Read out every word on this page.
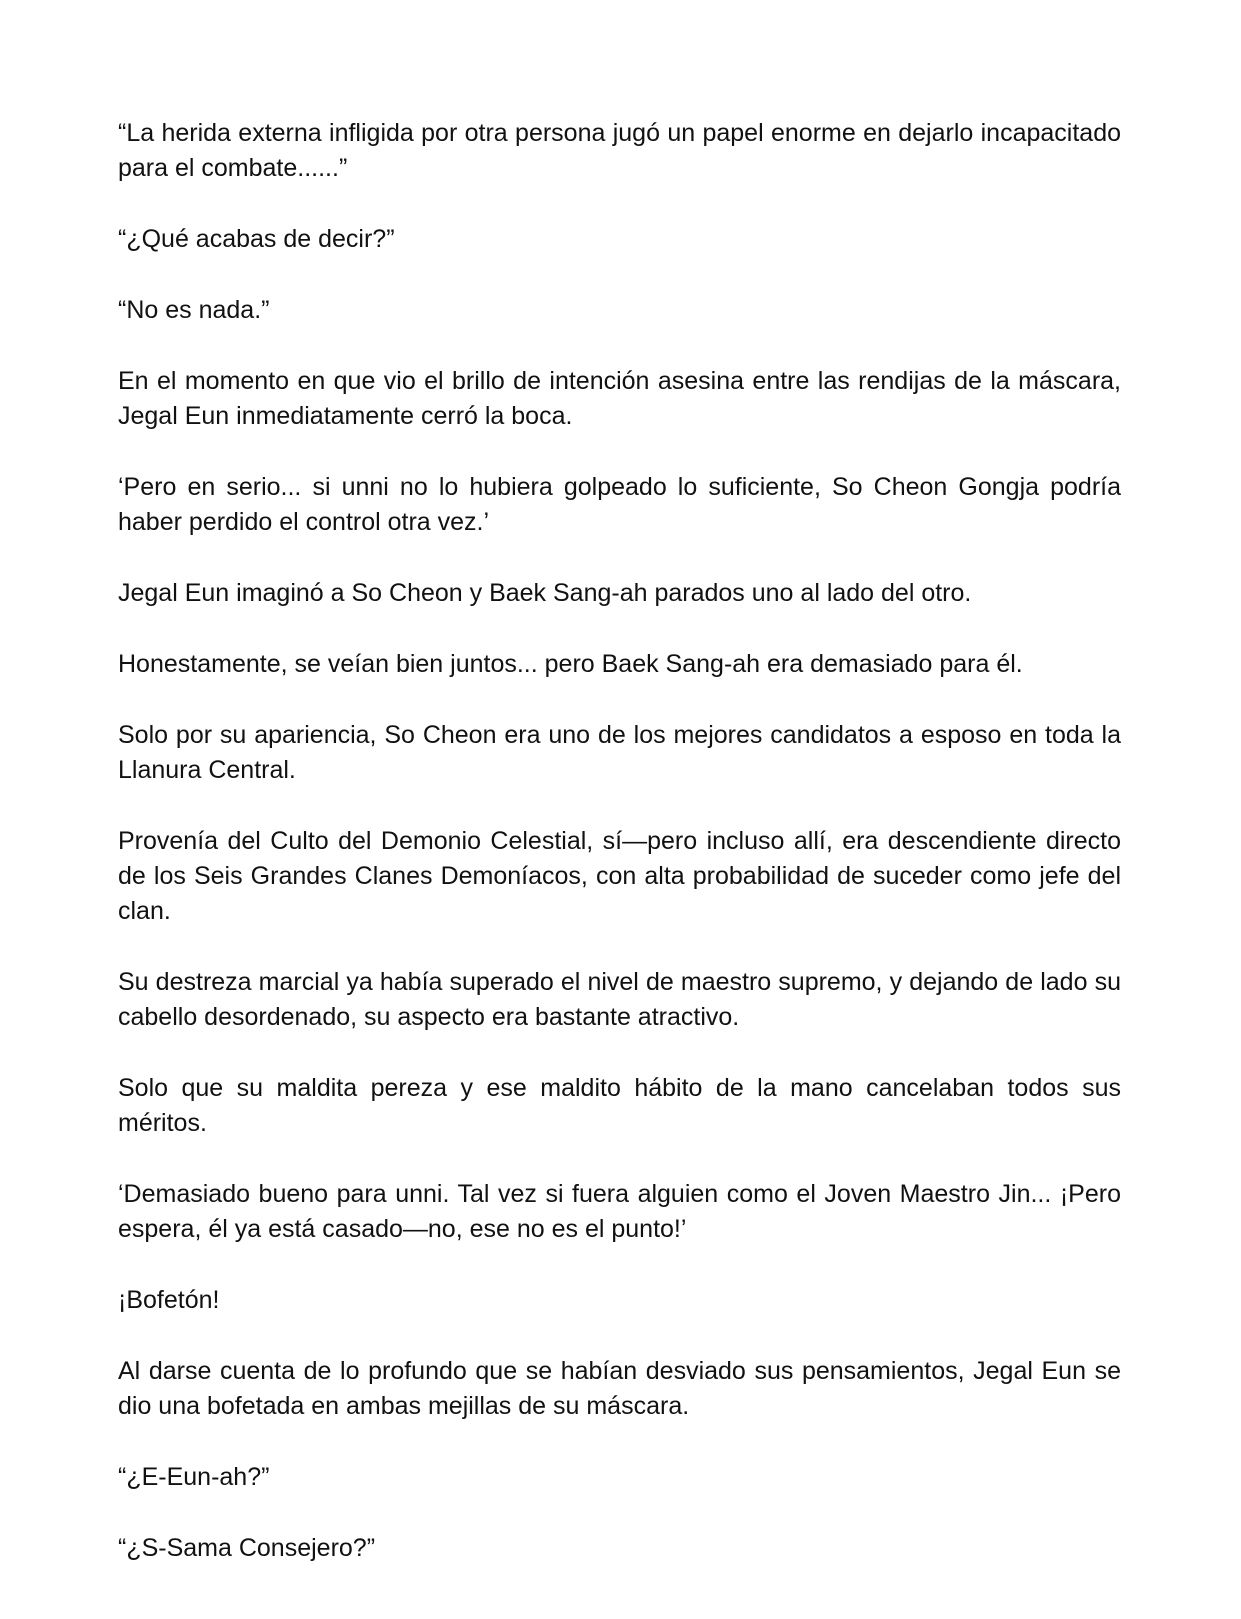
“La herida externa infligida por otra persona jugó un papel enorme en dejarlo incapacitado para el combate......”

“¿Qué acabas de decir?”

“No es nada.”

En el momento en que vio el brillo de intención asesina entre las rendijas de la máscara, Jegal Eun inmediatamente cerró la boca.

‘Pero en serio... si unni no lo hubiera golpeado lo suficiente, So Cheon Gongja podría haber perdido el control otra vez.’

Jegal Eun imaginó a So Cheon y Baek Sang-ah parados uno al lado del otro.

Honestamente, se veían bien juntos... pero Baek Sang-ah era demasiado para él.

Solo por su apariencia, So Cheon era uno de los mejores candidatos a esposo en toda la Llanura Central.

Provenía del Culto del Demonio Celestial, sí—pero incluso allí, era descendiente directo de los Seis Grandes Clanes Demoníacos, con alta probabilidad de suceder como jefe del clan.

Su destreza marcial ya había superado el nivel de maestro supremo, y dejando de lado su cabello desordenado, su aspecto era bastante atractivo.

Solo que su maldita pereza y ese maldito hábito de la mano cancelaban todos sus méritos.

‘Demasiado bueno para unni. Tal vez si fuera alguien como el Joven Maestro Jin... ¡Pero espera, él ya está casado—no, ese no es el punto!’

¡Bofetón!

Al darse cuenta de lo profundo que se habían desviado sus pensamientos, Jegal Eun se dio una bofetada en ambas mejillas de su máscara.

“¿E-Eun-ah?”

“¿S-Sama Consejero?”
